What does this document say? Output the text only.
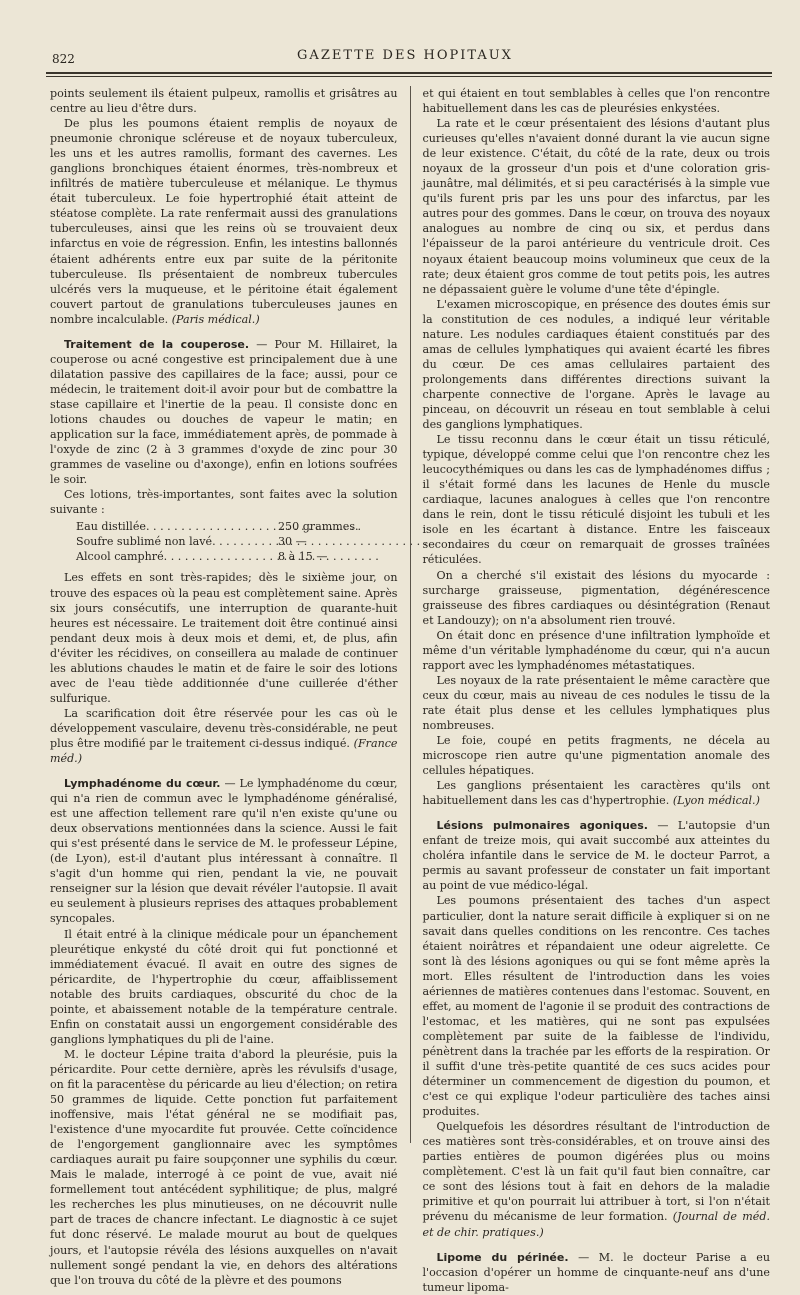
822	GAZETTE DES HOPITAUX

points seulement ils étaient pulpeux, ramollis et grisâtres au centre au lieu d'être durs.

De plus les poumons étaient remplis de noyaux de pneumonie chronique scléreuse et de noyaux tuberculeux, les uns et les autres ramollis, formant des cavernes. Les ganglions bronchiques étaient énormes, très-nombreux et infiltrés de matière tuberculeuse et mélanique. Le thymus était tuberculeux. Le foie hypertrophié était atteint de stéatose complète. La rate renfermait aussi des granulations tuberculeuses, ainsi que les reins où se trouvaient deux infarctus en voie de régression. Enfin, les intestins ballonnés étaient adhérents entre eux par suite de la péritonite tuberculeuse. Ils présentaient de nombreux tubercules ulcérés vers la muqueuse, et le péritoine était également couvert partout de granulations tuberculeuses jaunes en nombre incalculable. (Paris médical.)

Traitement de la couperose. — Pour M. Hillairet, la couperose ou acné congestive est principalement due à une dilatation passive des capillaires de la face; aussi, pour ce médecin, le traitement doit-il avoir pour but de combattre la stase capillaire et l'inertie de la peau. Il consiste donc en lotions chaudes ou douches de vapeur le matin; en application sur la face, immédiatement après, de pommade à l'oxyde de zinc (2 à 3 grammes d'oxyde de zinc pour 30 grammes de vaseline ou d'axonge), enfin en lotions soufrées le soir.

Ces lotions, très-importantes, sont faites avec la solution suivante :

Eau distillée . . .	250 grammes.
Soufre sublimé non lavé . . .	30 —
Alcool camphré . . .	8 à 15 —

Les effets en sont très-rapides; dès le sixième jour, on trouve des espaces où la peau est complètement saine. Après six jours consécutifs, une interruption de quarante-huit heures est nécessaire. Le traitement doit être continué ainsi pendant deux mois à deux mois et demi, et, de plus, afin d'éviter les récidives, on conseillera au malade de continuer les ablutions chaudes le matin et de faire le soir des lotions avec de l'eau tiède additionnée d'une cuillerée d'éther sulfurique.

La scarification doit être réservée pour les cas où le développement vasculaire, devenu très-considérable, ne peut plus être modifié par le traitement ci-dessus indiqué. (France méd.)

Lymphadénome du cœur. — Le lymphadénome du cœur, qui n'a rien de commun avec le lymphadénome généralisé, est une affection tellement rare qu'il n'en existe qu'une ou deux observations mentionnées dans la science. Aussi le fait qui s'est présenté dans le service de M. le professeur Lépine, (de Lyon), est-il d'autant plus intéressant à connaître. Il s'agit d'un homme qui rien, pendant la vie, ne pouvait renseigner sur la lésion que devait révéler l'autopsie. Il avait eu seulement à plusieurs reprises des attaques probablement syncopales.

Il était entré à la clinique médicale pour un épanchement pleurétique enkysté du côté droit qui fut ponctionné et immédiatement évacué. Il avait en outre des signes de péricardite, de l'hypertrophie du cœur, affaiblissement notable des bruits cardiaques, obscurité du choc de la pointe, et abaissement notable de la température centrale. Enfin on constatait aussi un engorgement considérable des ganglions lymphatiques du pli de l'aine.

M. le docteur Lépine traita d'abord la pleurésie, puis la péricardite. Pour cette dernière, après les révulsifs d'usage, on fit la paracentèse du péricarde au lieu d'élection; on retira 50 grammes de liquide. Cette ponction fut parfaitement inoffensive, mais l'état général ne se modifiait pas, l'existence d'une myocardite fut prouvée. Cette coïncidence de l'engorgement ganglionnaire avec les symptômes cardiaques aurait pu faire soupçonner une syphilis du cœur. Mais le malade, interrogé à ce point de vue, avait nié formellement tout antécédent syphilitique; de plus, malgré les recherches les plus minutieuses, on ne découvrit nulle part de traces de chancre infectant. Le diagnostic à ce sujet fut donc réservé. Le malade mourut au bout de quelques jours, et l'autopsie révéla des lésions auxquelles on n'avait nullement songé pendant la vie, en dehors des altérations que l'on trouva du côté de la plèvre et des poumons

et qui étaient en tout semblables à celles que l'on rencontre habituellement dans les cas de pleurésies enkystées.

La rate et le cœur présentaient des lésions d'autant plus curieuses qu'elles n'avaient donné durant la vie aucun signe de leur existence. C'était, du côté de la rate, deux ou trois noyaux de la grosseur d'un pois et d'une coloration gris-jaunâtre, mal délimités, et si peu caractérisés à la simple vue qu'ils furent pris par les uns pour des infarctus, par les autres pour des gommes. Dans le cœur, on trouva des noyaux analogues au nombre de cinq ou six, et perdus dans l'épaisseur de la paroi antérieure du ventricule droit. Ces noyaux étaient beaucoup moins volumineux que ceux de la rate; deux étaient gros comme de tout petits pois, les autres ne dépassaient guère le volume d'une tête d'épingle.

L'examen microscopique, en présence des doutes émis sur la constitution de ces nodules, a indiqué leur véritable nature. Les nodules cardiaques étaient constitués par des amas de cellules lymphatiques qui avaient écarté les fibres du cœur. De ces amas cellulaires partaient des prolongements dans différentes directions suivant la charpente connective de l'organe. Après le lavage au pinceau, on découvrit un réseau en tout semblable à celui des ganglions lymphatiques.

Le tissu reconnu dans le cœur était un tissu réticulé, typique, développé comme celui que l'on rencontre chez les leucocythémiques ou dans les cas de lymphadénomes diffus ; il s'était formé dans les lacunes de Henle du muscle cardiaque, lacunes analogues à celles que l'on rencontre dans le rein, dont le tissu réticulé disjoint les tubuli et les isole en les écartant à distance. Entre les faisceaux secondaires du cœur on remarquait de grosses traînées réticulées.

On a cherché s'il existait des lésions du myocarde : surcharge graisseuse, pigmentation, dégénérescence graisseuse des fibres cardiaques ou désintégration (Renaut et Landouzy); on n'a absolument rien trouvé.

On était donc en présence d'une infiltration lymphoïde et même d'un véritable lymphadénome du cœur, qui n'a aucun rapport avec les lymphadénomes métastatiques.

Les noyaux de la rate présentaient le même caractère que ceux du cœur, mais au niveau de ces nodules le tissu de la rate était plus dense et les cellules lymphatiques plus nombreuses.

Le foie, coupé en petits fragments, ne décela au microscope rien autre qu'une pigmentation anomale des cellules hépatiques.

Les ganglions présentaient les caractères qu'ils ont habituellement dans les cas d'hypertrophie. (Lyon médical.)

Lésions pulmonaires agoniques. — L'autopsie d'un enfant de treize mois, qui avait succombé aux atteintes du choléra infantile dans le service de M. le docteur Parrot, a permis au savant professeur de constater un fait important au point de vue médico-légal.

Les poumons présentaient des taches d'un aspect particulier, dont la nature serait difficile à expliquer si on ne savait dans quelles conditions on les rencontre. Ces taches étaient noirâtres et répandaient une odeur aigrelette. Ce sont là des lésions agoniques ou qui se font même après la mort. Elles résultent de l'introduction dans les voies aériennes de matières contenues dans l'estomac. Souvent, en effet, au moment de l'agonie il se produit des contractions de l'estomac, et les matières, qui ne sont pas expulsées complètement par suite de la faiblesse de l'individu, pénètrent dans la trachée par les efforts de la respiration. Or il suffit d'une très-petite quantité de ces sucs acides pour déterminer un commencement de digestion du poumon, et c'est ce qui explique l'odeur particulière des taches ainsi produites.

Quelquefois les désordres résultant de l'introduction de ces matières sont très-considérables, et on trouve ainsi des parties entières de poumon digérées plus ou moins complètement. C'est là un fait qu'il faut bien connaître, car ce sont des lésions tout à fait en dehors de la maladie primitive et qu'on pourrait lui attribuer à tort, si l'on n'était prévenu du mécanisme de leur formation. (Journal de méd. et de chir. pratiques.)

Lipome du périnée. — M. le docteur Parise a eu l'occasion d'opérer un homme de cinquante-neuf ans d'une tumeur lipoma-
